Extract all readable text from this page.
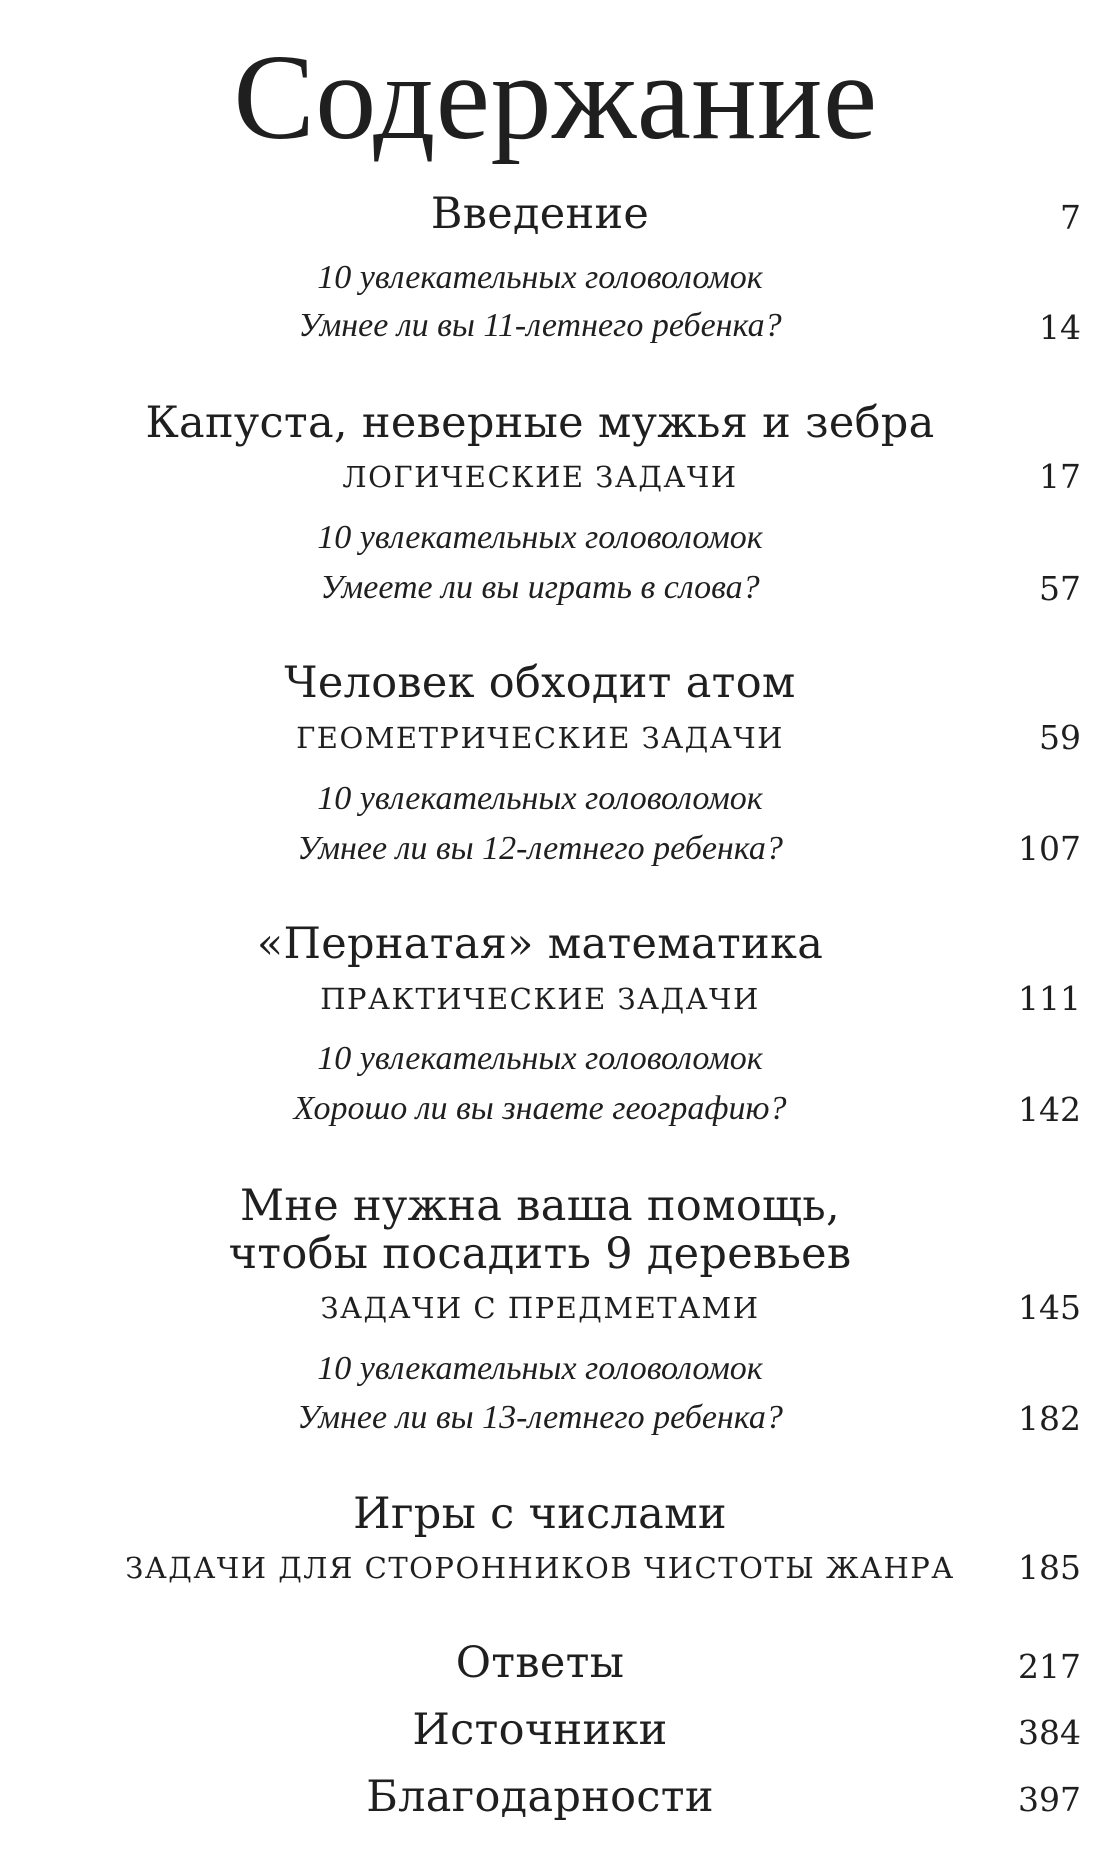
Содержание
Введение	7
10 увлекательных головоломок
Умнее ли вы 11-летнего ребенка?	14
Капуста, неверные мужья и зебра
ЛОГИЧЕСКИЕ ЗАДАЧИ	17
10 увлекательных головоломок
Умеете ли вы играть в слова?	57
Человек обходит атом
ГЕОМЕТРИЧЕСКИЕ ЗАДАЧИ	59
10 увлекательных головоломок
Умнее ли вы 12-летнего ребенка?	107
«Пернатая» математика
ПРАКТИЧЕСКИЕ ЗАДАЧИ	111
10 увлекательных головоломок
Хорошо ли вы знаете географию?	142
Мне нужна ваша помощь,
чтобы посадить 9 деревьев
ЗАДАЧИ С ПРЕДМЕТАМИ	145
10 увлекательных головоломок
Умнее ли вы 13-летнего ребенка?	182
Игры с числами
ЗАДАЧИ ДЛЯ СТОРОННИКОВ ЧИСТОТЫ ЖАНРА	185
Ответы	217
Источники	384
Благодарности	397
